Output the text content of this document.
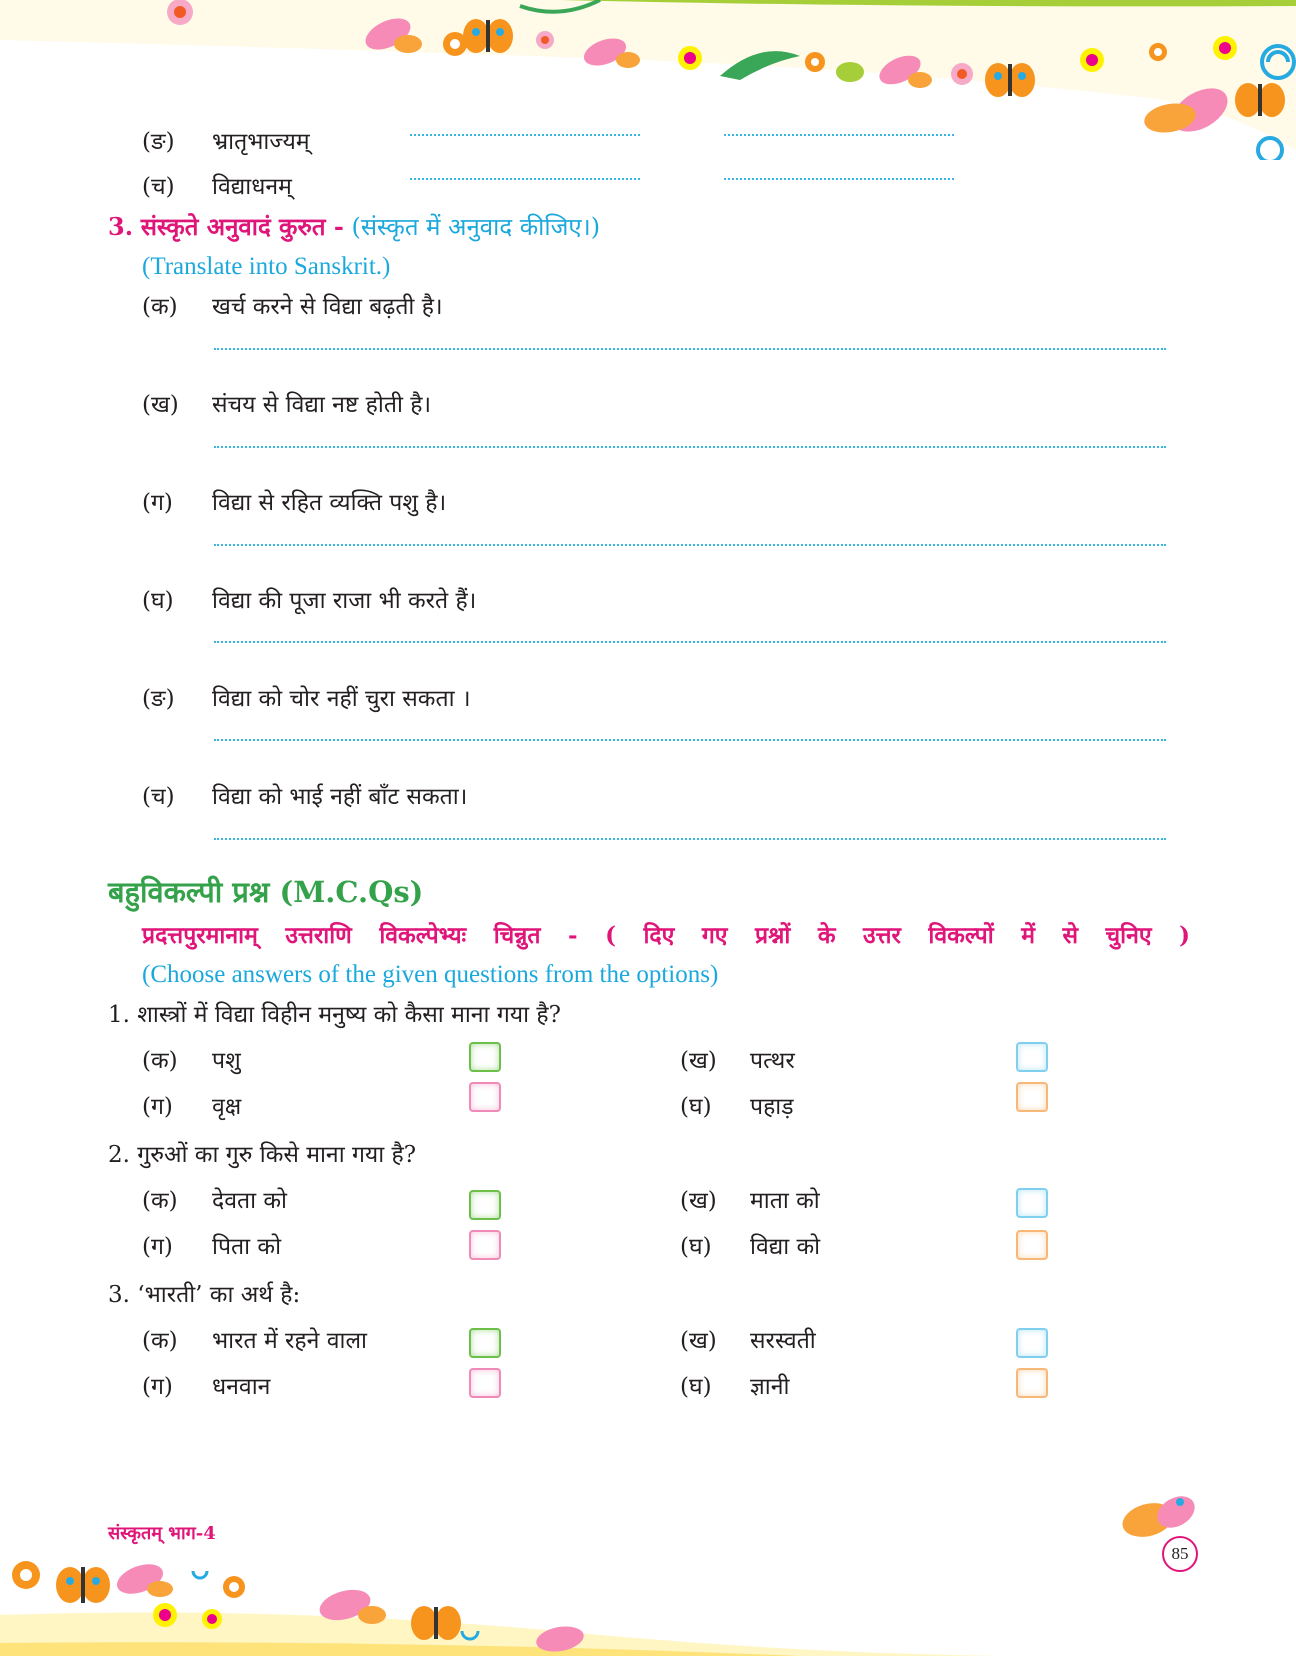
(ङ) भ्रातृभाज्यम्
(च) विद्याधनम्
3. संस्कृते अनुवादं कुरुत - (संस्कृत में अनुवाद कीजिए।)
(Translate into Sanskrit.)
(क) खर्च करने से विद्या बढ़ती है।
(ख) संचय से विद्या नष्ट होती है।
(ग) विद्या से रहित व्यक्ति पशु है।
(घ) विद्या की पूजा राजा भी करते हैं।
(ङ) विद्या को चोर नहीं चुरा सकता ।
(च) विद्या को भाई नहीं बाँट सकता।
बहुविकल्पी प्रश्न (M.C.Qs)
प्रदत्तपुरमानाम् उत्तराणि विकल्पेभ्यः चिन्नुत - ( दिए गए प्रश्नों के उत्तर विकल्पों में से चुनिए )
(Choose answers of the given questions from the options)
1. शास्त्रों में विद्या विहीन मनुष्य को कैसा माना गया है?
(क) पशु	(ख) पत्थर
(ग) वृक्ष	(घ) पहाड़
2. गुरुओं का गुरु किसे माना गया है?
(क) देवता को	(ख) माता को
(ग) पिता को	(घ) विद्या को
3. ‘भारती’ का अर्थ है:
(क) भारत में रहने वाला	(ख) सरस्वती
(ग) धनवान	(घ) ज्ञानी
संस्कृतम् भाग-4
85
